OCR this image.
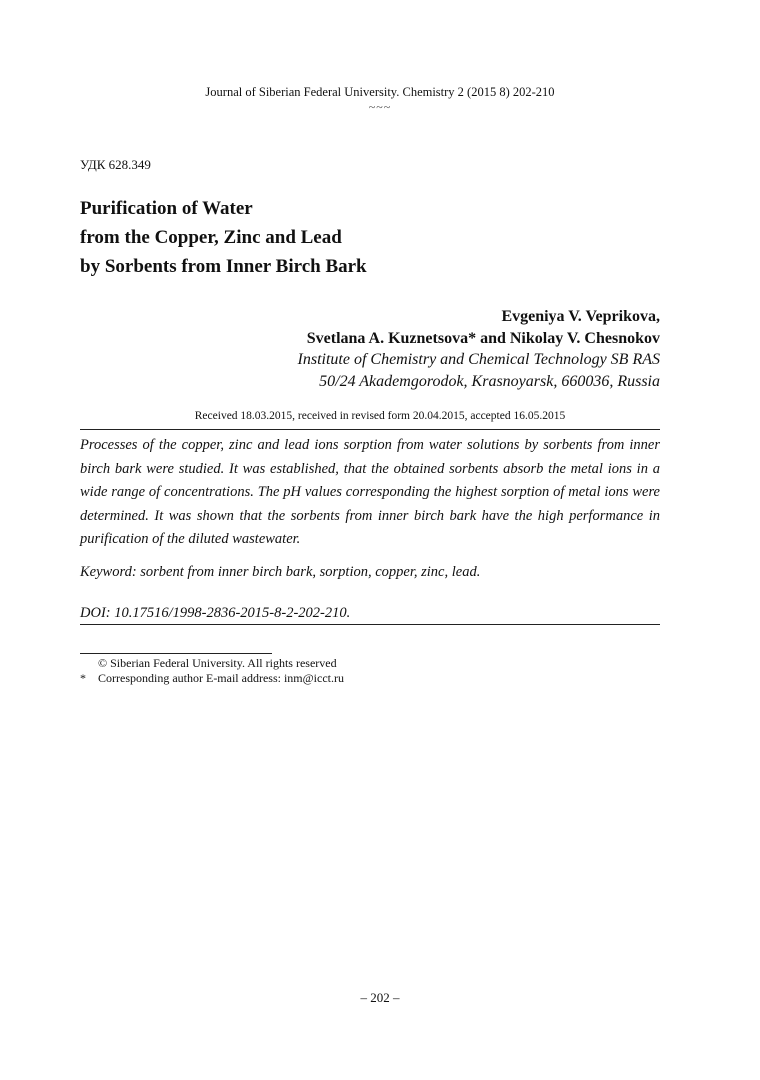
Journal of Siberian Federal University. Chemistry 2 (2015 8) 202-210
~~~
УДК 628.349
Purification of Water
from the Copper, Zinc and Lead
by Sorbents from Inner Birch Bark
Evgeniya V. Veprikova,
Svetlana A. Kuznetsova* and Nikolay V. Chesnokov
Institute of Chemistry and Chemical Technology SB RAS
50/24 Akademgorodok, Krasnoyarsk, 660036, Russia
Received 18.03.2015, received in revised form 20.04.2015, accepted 16.05.2015

Processes of the copper, zinc and lead ions sorption from water solutions by sorbents from inner birch bark were studied. It was established, that the obtained sorbents absorb the metal ions in a wide range of concentrations. The pH values corresponding the highest sorption of metal ions were determined. It was shown that the sorbents from inner birch bark have the high performance in purification of the diluted wastewater.

Keyword: sorbent from inner birch bark, sorption, copper, zinc, lead.
DOI: 10.17516/1998-2836-2015-8-2-202-210.
© Siberian Federal University. All rights reserved
* Corresponding author E-mail address: inm@icct.ru
– 202 –
